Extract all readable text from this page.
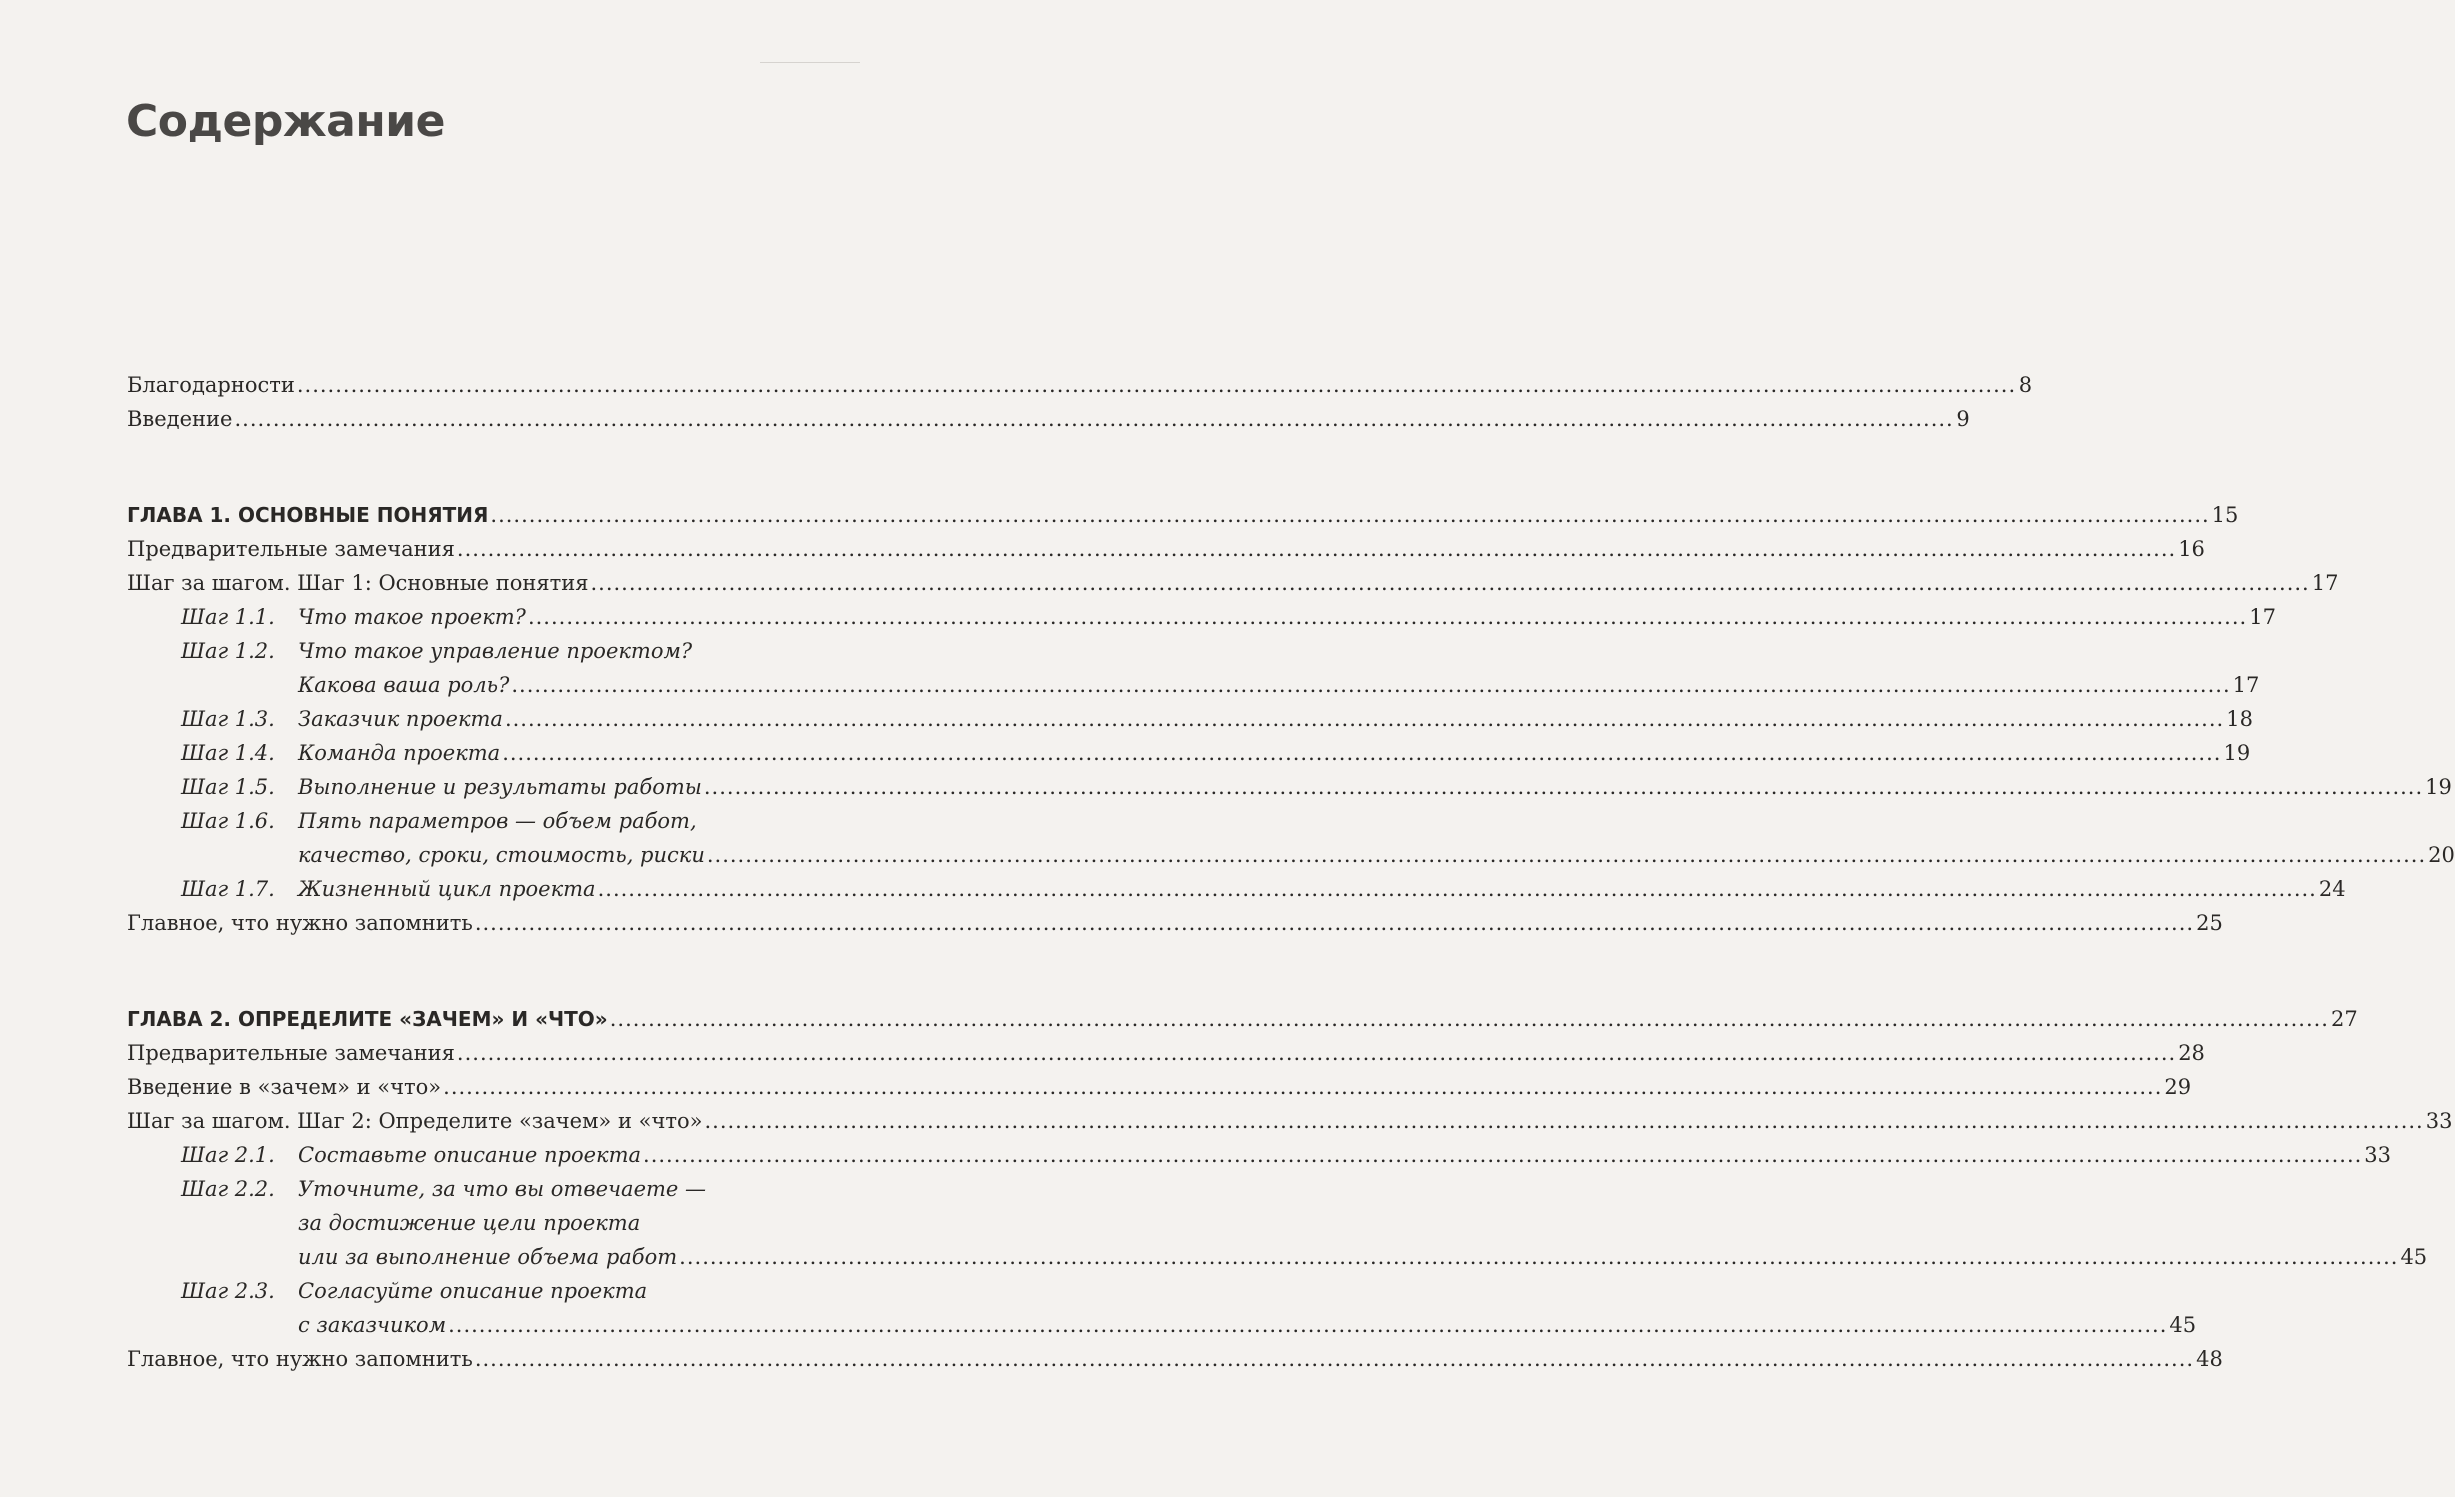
Содержание
Благодарности .....	8
Введение .....	9
ГЛАВА 1. ОСНОВНЫЕ ПОНЯТИЯ .....	15
Предварительные замечания .....	16
Шаг за шагом. Шаг 1: Основные понятия .....	17
Шаг 1.1.	Что такое проект? .....	17
Шаг 1.2.	Что такое управление проектом?
Какова ваша роль? .....	17
Шаг 1.3.	Заказчик проекта .....	18
Шаг 1.4.	Команда проекта .....	19
Шаг 1.5.	Выполнение и результаты работы .....	19
Шаг 1.6.	Пять параметров — объем работ,
качество, сроки, стоимость, риски .....	20
Шаг 1.7.	Жизненный цикл проекта .....	24
Главное, что нужно запомнить .....	25
ГЛАВА 2. ОПРЕДЕЛИТЕ «ЗАЧЕМ» И «ЧТО» .....	27
Предварительные замечания .....	28
Введение в «зачем» и «что» .....	29
Шаг за шагом. Шаг 2: Определите «зачем» и «что» .....	33
Шаг 2.1.	Составьте описание проекта .....	33
Шаг 2.2.	Уточните, за что вы отвечаете —
за достижение цели проекта
или за выполнение объема работ .....	45
Шаг 2.3.	Согласуйте описание проекта
с заказчиком .....	45
Главное, что нужно запомнить .....	48
